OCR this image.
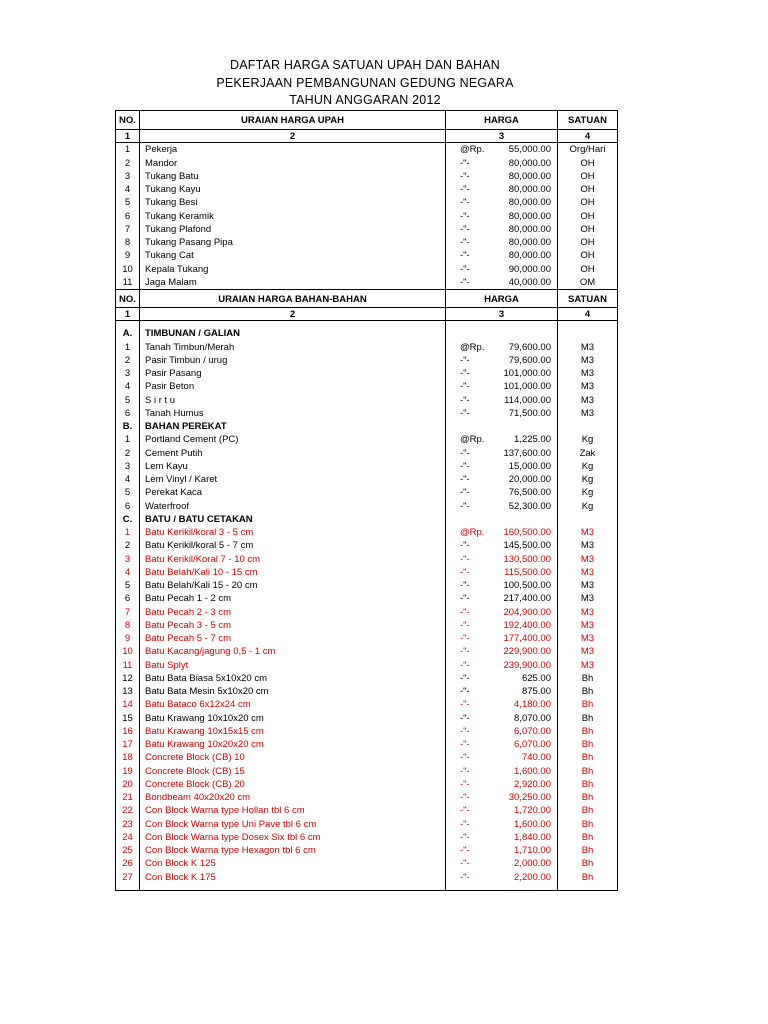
DAFTAR HARGA SATUAN UPAH DAN BAHAN
PEKERJAAN PEMBANGUNAN GEDUNG NEGARA
TAHUN ANGGARAN 2012
NO.	URAIAN HARGA UPAH	HARGA	SATUAN
1	2	3	4
1	Pekerja	@Rp.	55,000.00	Org/Hari
2	Mandor	-"-	80,000.00	OH
3	Tukang Batu	-"-	80,000.00	OH
4	Tukang Kayu	-"-	80,000.00	OH
5	Tukang Besi	-"-	80,000.00	OH
6	Tukang Keramik	-"-	80,000.00	OH
7	Tukang Plafond	-"-	80,000.00	OH
8	Tukang Pasang Pipa	-"-	80,000.00	OH
9	Tukang Cat	-"-	80,000.00	OH
10	Kepala Tukang	-"-	90,000.00	OH
11	Jaga Malam	-"-	40,000.00	OM
NO.	URAIAN HARGA BAHAN-BAHAN	HARGA	SATUAN
1	2	3	4
A.	TIMBUNAN / GALIAN
1	Tanah Timbun/Merah	@Rp.	79,600.00	M3
2	Pasir Timbun / urug	-"-	79,600.00	M3
3	Pasir Pasang	-"-	101,000.00	M3
4	Pasir Beton	-"-	101,000.00	M3
5	S i r t u	-"-	114,000.00	M3
6	Tanah Humus	-"-	71,500.00	M3
B.	BAHAN PEREKAT
1	Portland Cement (PC)	@Rp.	1,225.00	Kg
2	Cement Putih	-"-	137,600.00	Zak
3	Lem Kayu	-"-	15,000.00	Kg
4	Lem Vinyl / Karet	-"-	20,000.00	Kg
5	Perekat Kaca	-"-	76,500.00	Kg
6	Waterfroof	-"-	52,300.00	Kg
C.	BATU / BATU CETAKAN
1	Batu Kerikil/koral 3 - 5 cm	@Rp. 160,500.00	M3
2	Batu Kerikil/koral 5 - 7 cm	-"-	145,500.00	M3
3	Batu Kerikil/Koral 7 - 10 cm	-"-	130,500.00	M3
4	Batu Belah/Kali 10 - 15 cm	-"-	115,500.00	M3
5	Batu Belah/Kali 15 - 20 cm	-"-	100,500.00	M3
6	Batu Pecah 1 - 2 cm	-"-	217,400.00	M3
7	Batu Pecah 2 - 3 cm	-"-	204,900.00	M3
8	Batu Pecah 3 - 5 cm	-"-	192,400.00	M3
9	Batu Pecah 5 - 7 cm	-"-	177,400.00	M3
10	Batu Kacang/jagung 0,5 - 1 cm	-"-	229,900.00	M3
11	Batu Splyt	-"-	239,900.00	M3
12	Batu Bata Biasa 5x10x20 cm	-"-	625.00	Bh
13	Batu Bata Mesin 5x10x20 cm	-"-	875.00	Bh
14	Batu Bataco 6x12x24 cm	-"-	4,180.00	Bh
15	Batu Krawang 10x10x20 cm	-"-	8,070.00	Bh
16	Batu Krawang 10x15x15 cm	-"-	6,070.00	Bh
17	Batu Krawang 10x20x20 cm	-"-	6,070.00	Bh
18	Concrete Block (CB) 10	-"-	740.00	Bh
19	Concrete Block (CB) 15	-"-	1,600.00	Bh
20	Concrete Block (CB) 20	-"-	2,920.00	Bh
21	Bondbeam 40x20x20 cm	-"-	30,250.00	Bh
22	Con Block Warna type Hollan tbl 6 cm	-"-	1,720.00	Bh
23	Con Block Warna type Uni Pave tbl 6 cm	-"-	1,600.00	Bh
24	Con Block Warna type Dosex Six tbl 6 cm	-"-	1,840.00	Bh
25	Con Block Warna type Hexagon tbl 6 cm	-"-	1,710.00	Bh
26	Con Block K 125	-"-	2,000.00	Bh
27	Con Block K 175	-"-	2,200.00	Bh
